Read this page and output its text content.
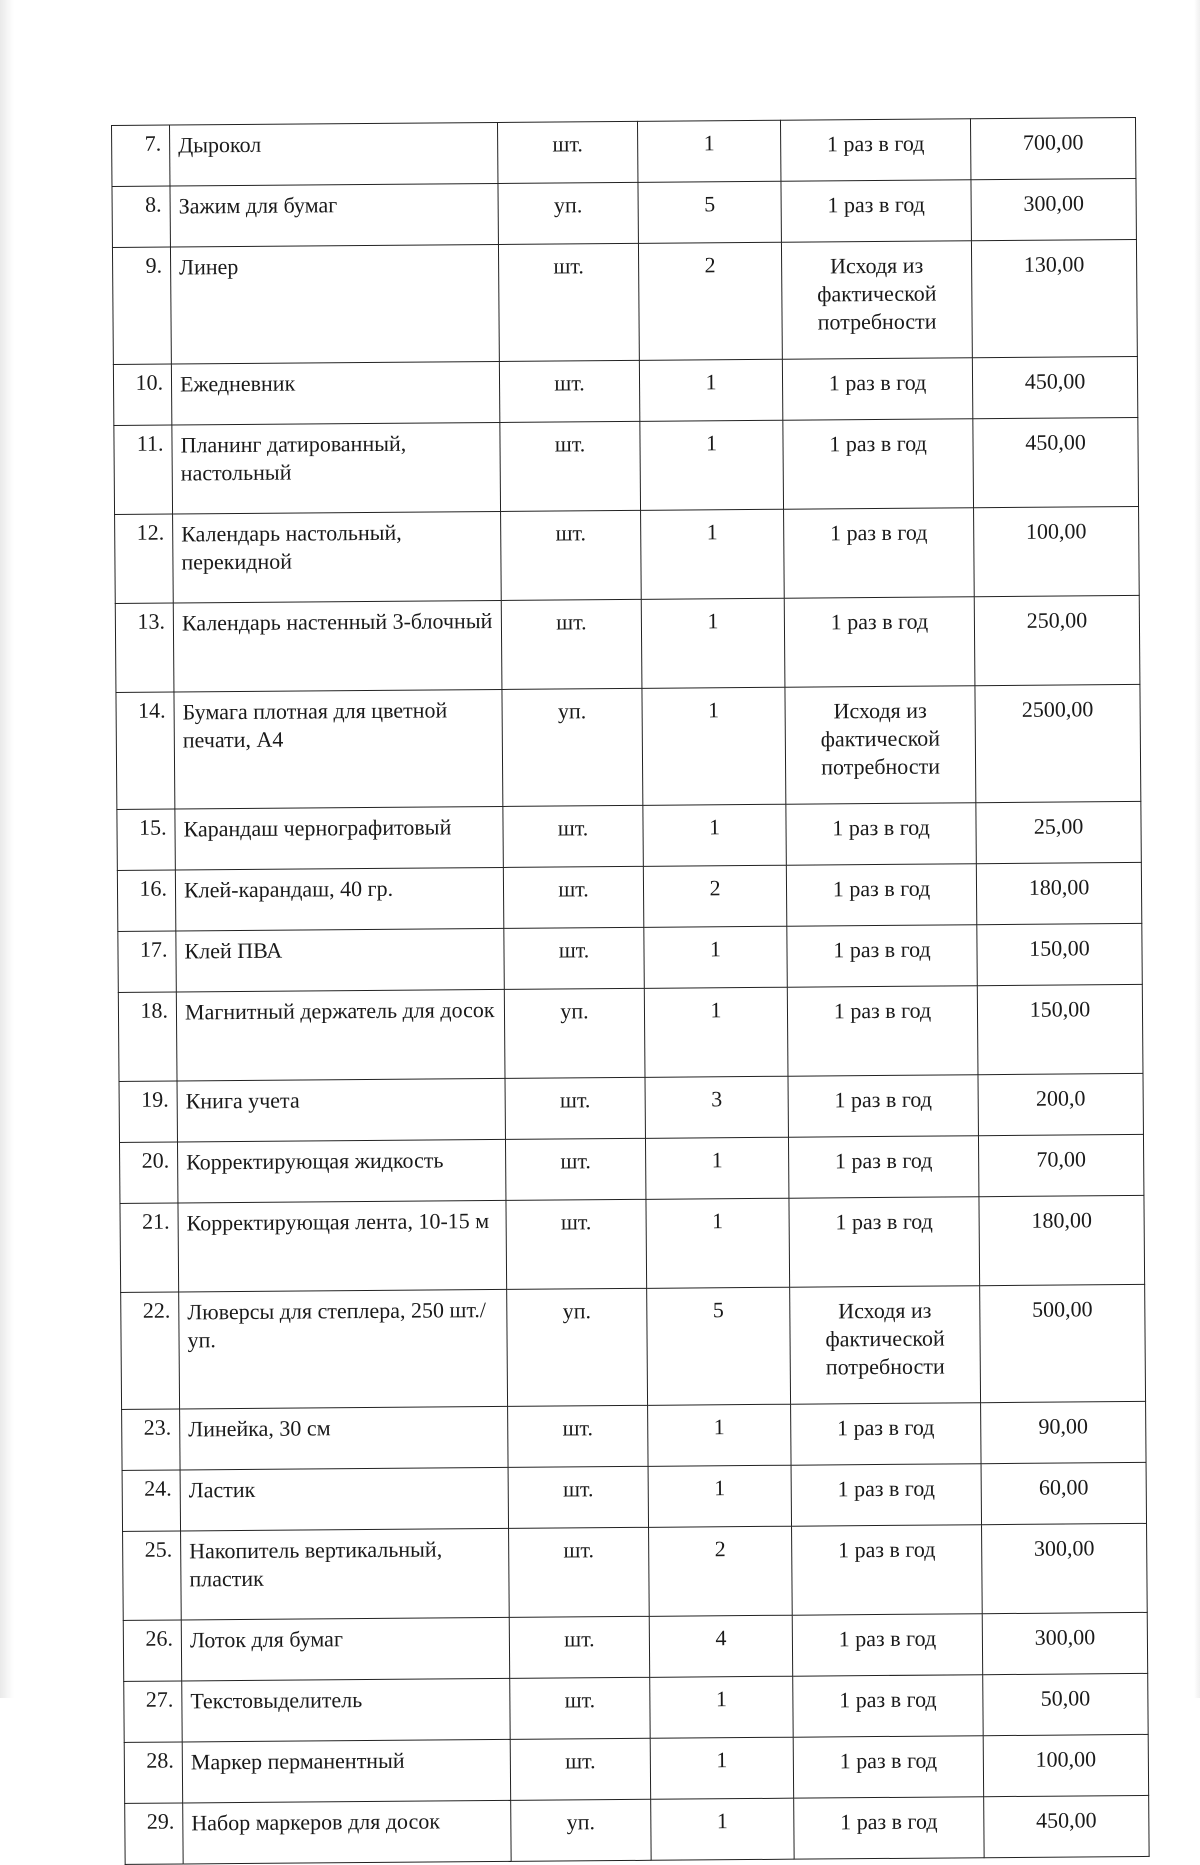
7.	Дырокол	шт.	1	1 раз в год	700,00
8.	Зажим для бумаг	уп.	5	1 раз в год	300,00
9.	Линер	шт.	2	Исходя из фактической потребности	130,00
10.	Ежедневник	шт.	1	1 раз в год	450,00
11.	Планинг датированный, настольный	шт.	1	1 раз в год	450,00
12.	Календарь настольный, перекидной	шт.	1	1 раз в год	100,00
13.	Календарь настенный 3-блочный	шт.	1	1 раз в год	250,00
14.	Бумага плотная для цветной печати, А4	уп.	1	Исходя из фактической потребности	2500,00
15.	Карандаш чернографитовый	шт.	1	1 раз в год	25,00
16.	Клей-карандаш, 40 гр.	шт.	2	1 раз в год	180,00
17.	Клей ПВА	шт.	1	1 раз в год	150,00
18.	Магнитный держатель для досок	уп.	1	1 раз в год	150,00
19.	Книга учета	шт.	3	1 раз в год	200,0
20.	Корректирующая жидкость	шт.	1	1 раз в год	70,00
21.	Корректирующая лента, 10-15 м	шт.	1	1 раз в год	180,00
22.	Люверсы для степлера, 250 шт./уп.	уп.	5	Исходя из фактической потребности	500,00
23.	Линейка, 30 см	шт.	1	1 раз в год	90,00
24.	Ластик	шт.	1	1 раз в год	60,00
25.	Накопитель вертикальный, пластик	шт.	2	1 раз в год	300,00
26.	Лоток для бумаг	шт.	4	1 раз в год	300,00
27.	Текстовыделитель	шт.	1	1 раз в год	50,00
28.	Маркер перманентный	шт.	1	1 раз в год	100,00
29.	Набор маркеров для досок	уп.	1	1 раз в год	450,00
